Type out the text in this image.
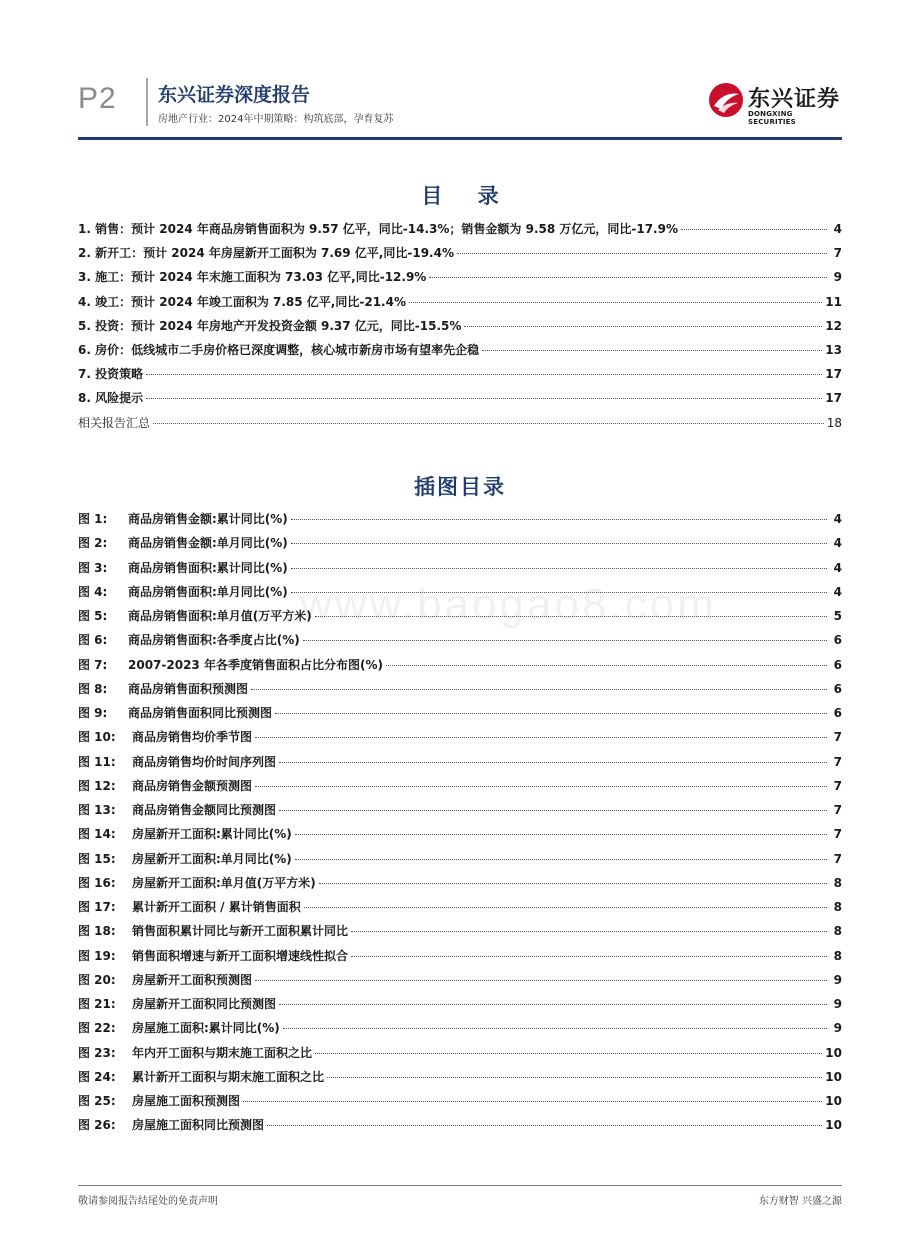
P2 东兴证券深度报告
房地产行业：2024年中期策略：构筑底部，孕育复苏
东兴证券
DONGXING SECURITIES
www.baogao8.com
目 录
1. 销售：预计 2024 年商品房销售面积为 9.57 亿平，同比-14.3%；销售金额为 9.58 万亿元，同比-17.9%	4
2. 新开工：预计 2024 年房屋新开工面积为 7.69 亿平,同比-19.4%	7
3. 施工：预计 2024 年末施工面积为 73.03 亿平,同比-12.9%	9
4. 竣工：预计 2024 年竣工面积为 7.85 亿平,同比-21.4%	11
5. 投资：预计 2024 年房地产开发投资金额 9.37 亿元，同比-15.5%	12
6. 房价：低线城市二手房价格已深度调整，核心城市新房市场有望率先企稳	13
7. 投资策略	17
8. 风险提示	17
相关报告汇总	18
插图目录
图 1:	商品房销售金额:累计同比(%)	4
图 2:	商品房销售金额:单月同比(%)	4
图 3:	商品房销售面积:累计同比(%)	4
图 4:	商品房销售面积:单月同比(%)	4
图 5:	商品房销售面积:单月值(万平方米)	5
图 6:	商品房销售面积:各季度占比(%)	6
图 7:	2007-2023 年各季度销售面积占比分布图(%)	6
图 8:	商品房销售面积预测图	6
图 9:	商品房销售面积同比预测图	6
图 10:	商品房销售均价季节图	7
图 11:	商品房销售均价时间序列图	7
图 12:	商品房销售金额预测图	7
图 13:	商品房销售金额同比预测图	7
图 14:	房屋新开工面积:累计同比(%)	7
图 15:	房屋新开工面积:单月同比(%)	7
图 16:	房屋新开工面积:单月值(万平方米)	8
图 17:	累计新开工面积 / 累计销售面积	8
图 18:	销售面积累计同比与新开工面积累计同比	8
图 19:	销售面积增速与新开工面积增速线性拟合	8
图 20:	房屋新开工面积预测图	9
图 21:	房屋新开工面积同比预测图	9
图 22:	房屋施工面积:累计同比(%)	9
图 23:	年内开工面积与期末施工面积之比	10
图 24:	累计新开工面积与期末施工面积之比	10
图 25:	房屋施工面积预测图	10
图 26:	房屋施工面积同比预测图	10
敬请参阅报告结尾处的免责声明	东方财智 兴盛之源
